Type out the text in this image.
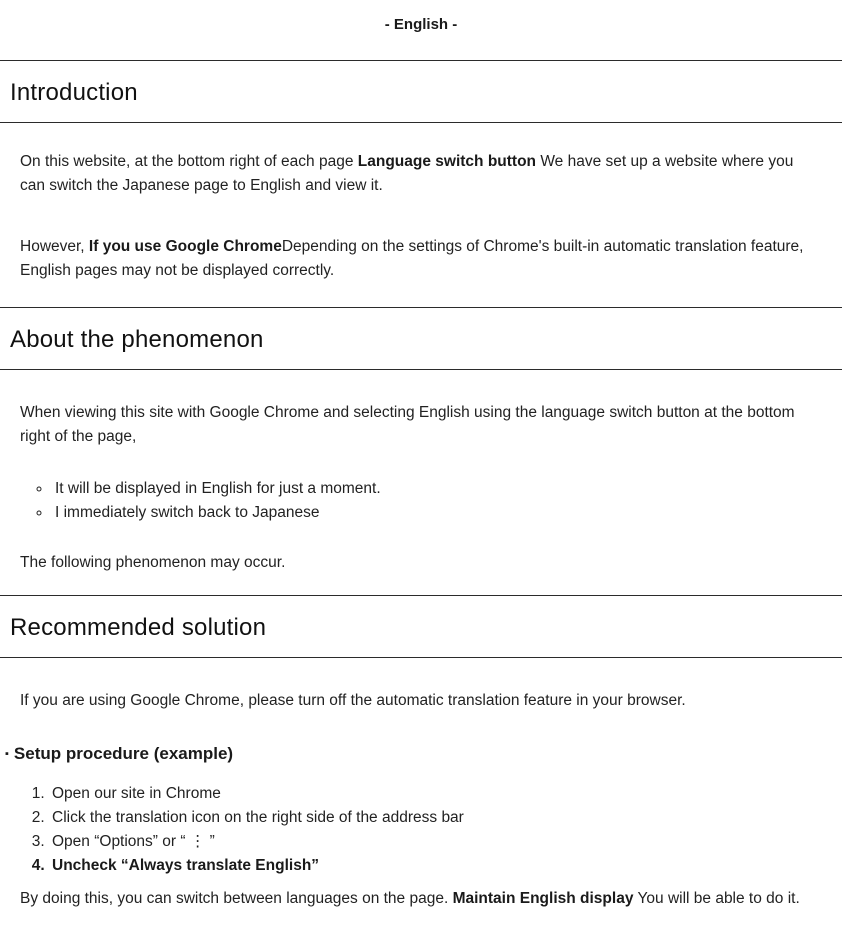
- English -
Introduction

On this website, at the bottom right of each page Language switch button We have set up a website where you can switch the Japanese page to English and view it.

However, If you use Google ChromeDepending on the settings of Chrome's built-in automatic translation feature, English pages may not be displayed correctly.

About the phenomenon

When viewing this site with Google Chrome and selecting English using the language switch button at the bottom right of the page,

◦ It will be displayed in English for just a moment.
◦ I immediately switch back to Japanese

The following phenomenon may occur.

Recommended solution

If you are using Google Chrome, please turn off the automatic translation feature in your browser.

▪ Setup procedure (example)
1. Open our site in Chrome
2. Click the translation icon on the right side of the address bar
3. Open “Options” or “ ⋮ ”
4. Uncheck “Always translate English”

By doing this, you can switch between languages on the page. Maintain English display You will be able to do it.
